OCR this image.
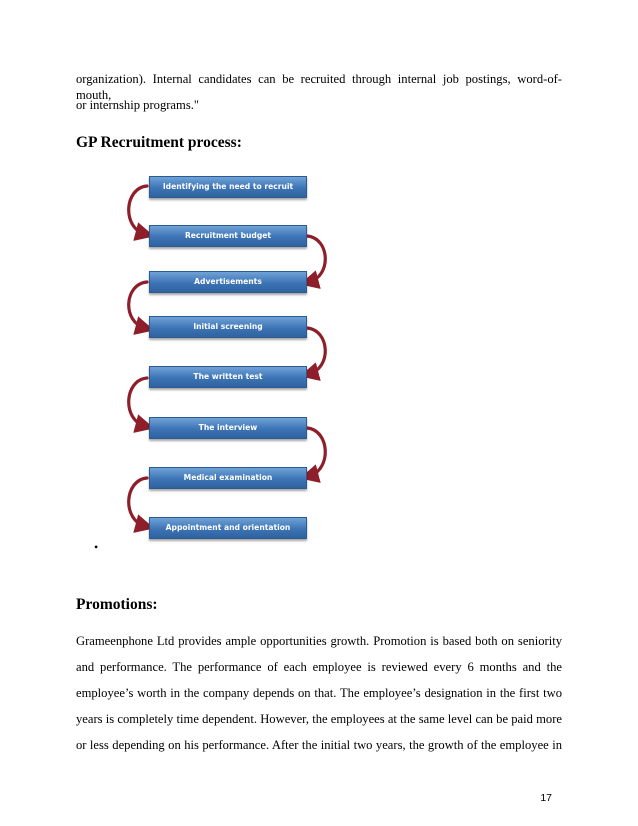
organization). Internal candidates can be recruited through internal job postings, word-of-mouth,

or internship programs."

GP Recruitment process:
Identifying the need to recruit
Recruitment budget
Advertisements
Initial screening
The written test
The interview
Medical examination
Appointment and orientation
•
Promotions:

Grameenphone Ltd provides ample opportunities growth. Promotion is based both on seniority

and performance. The performance of each employee is reviewed every 6 months and the

employee’s worth in the company depends on that. The employee’s designation in the first two

years is completely time dependent. However, the employees at the same level can be paid more

or less depending on his performance. After the initial two years, the growth of the employee in

17
